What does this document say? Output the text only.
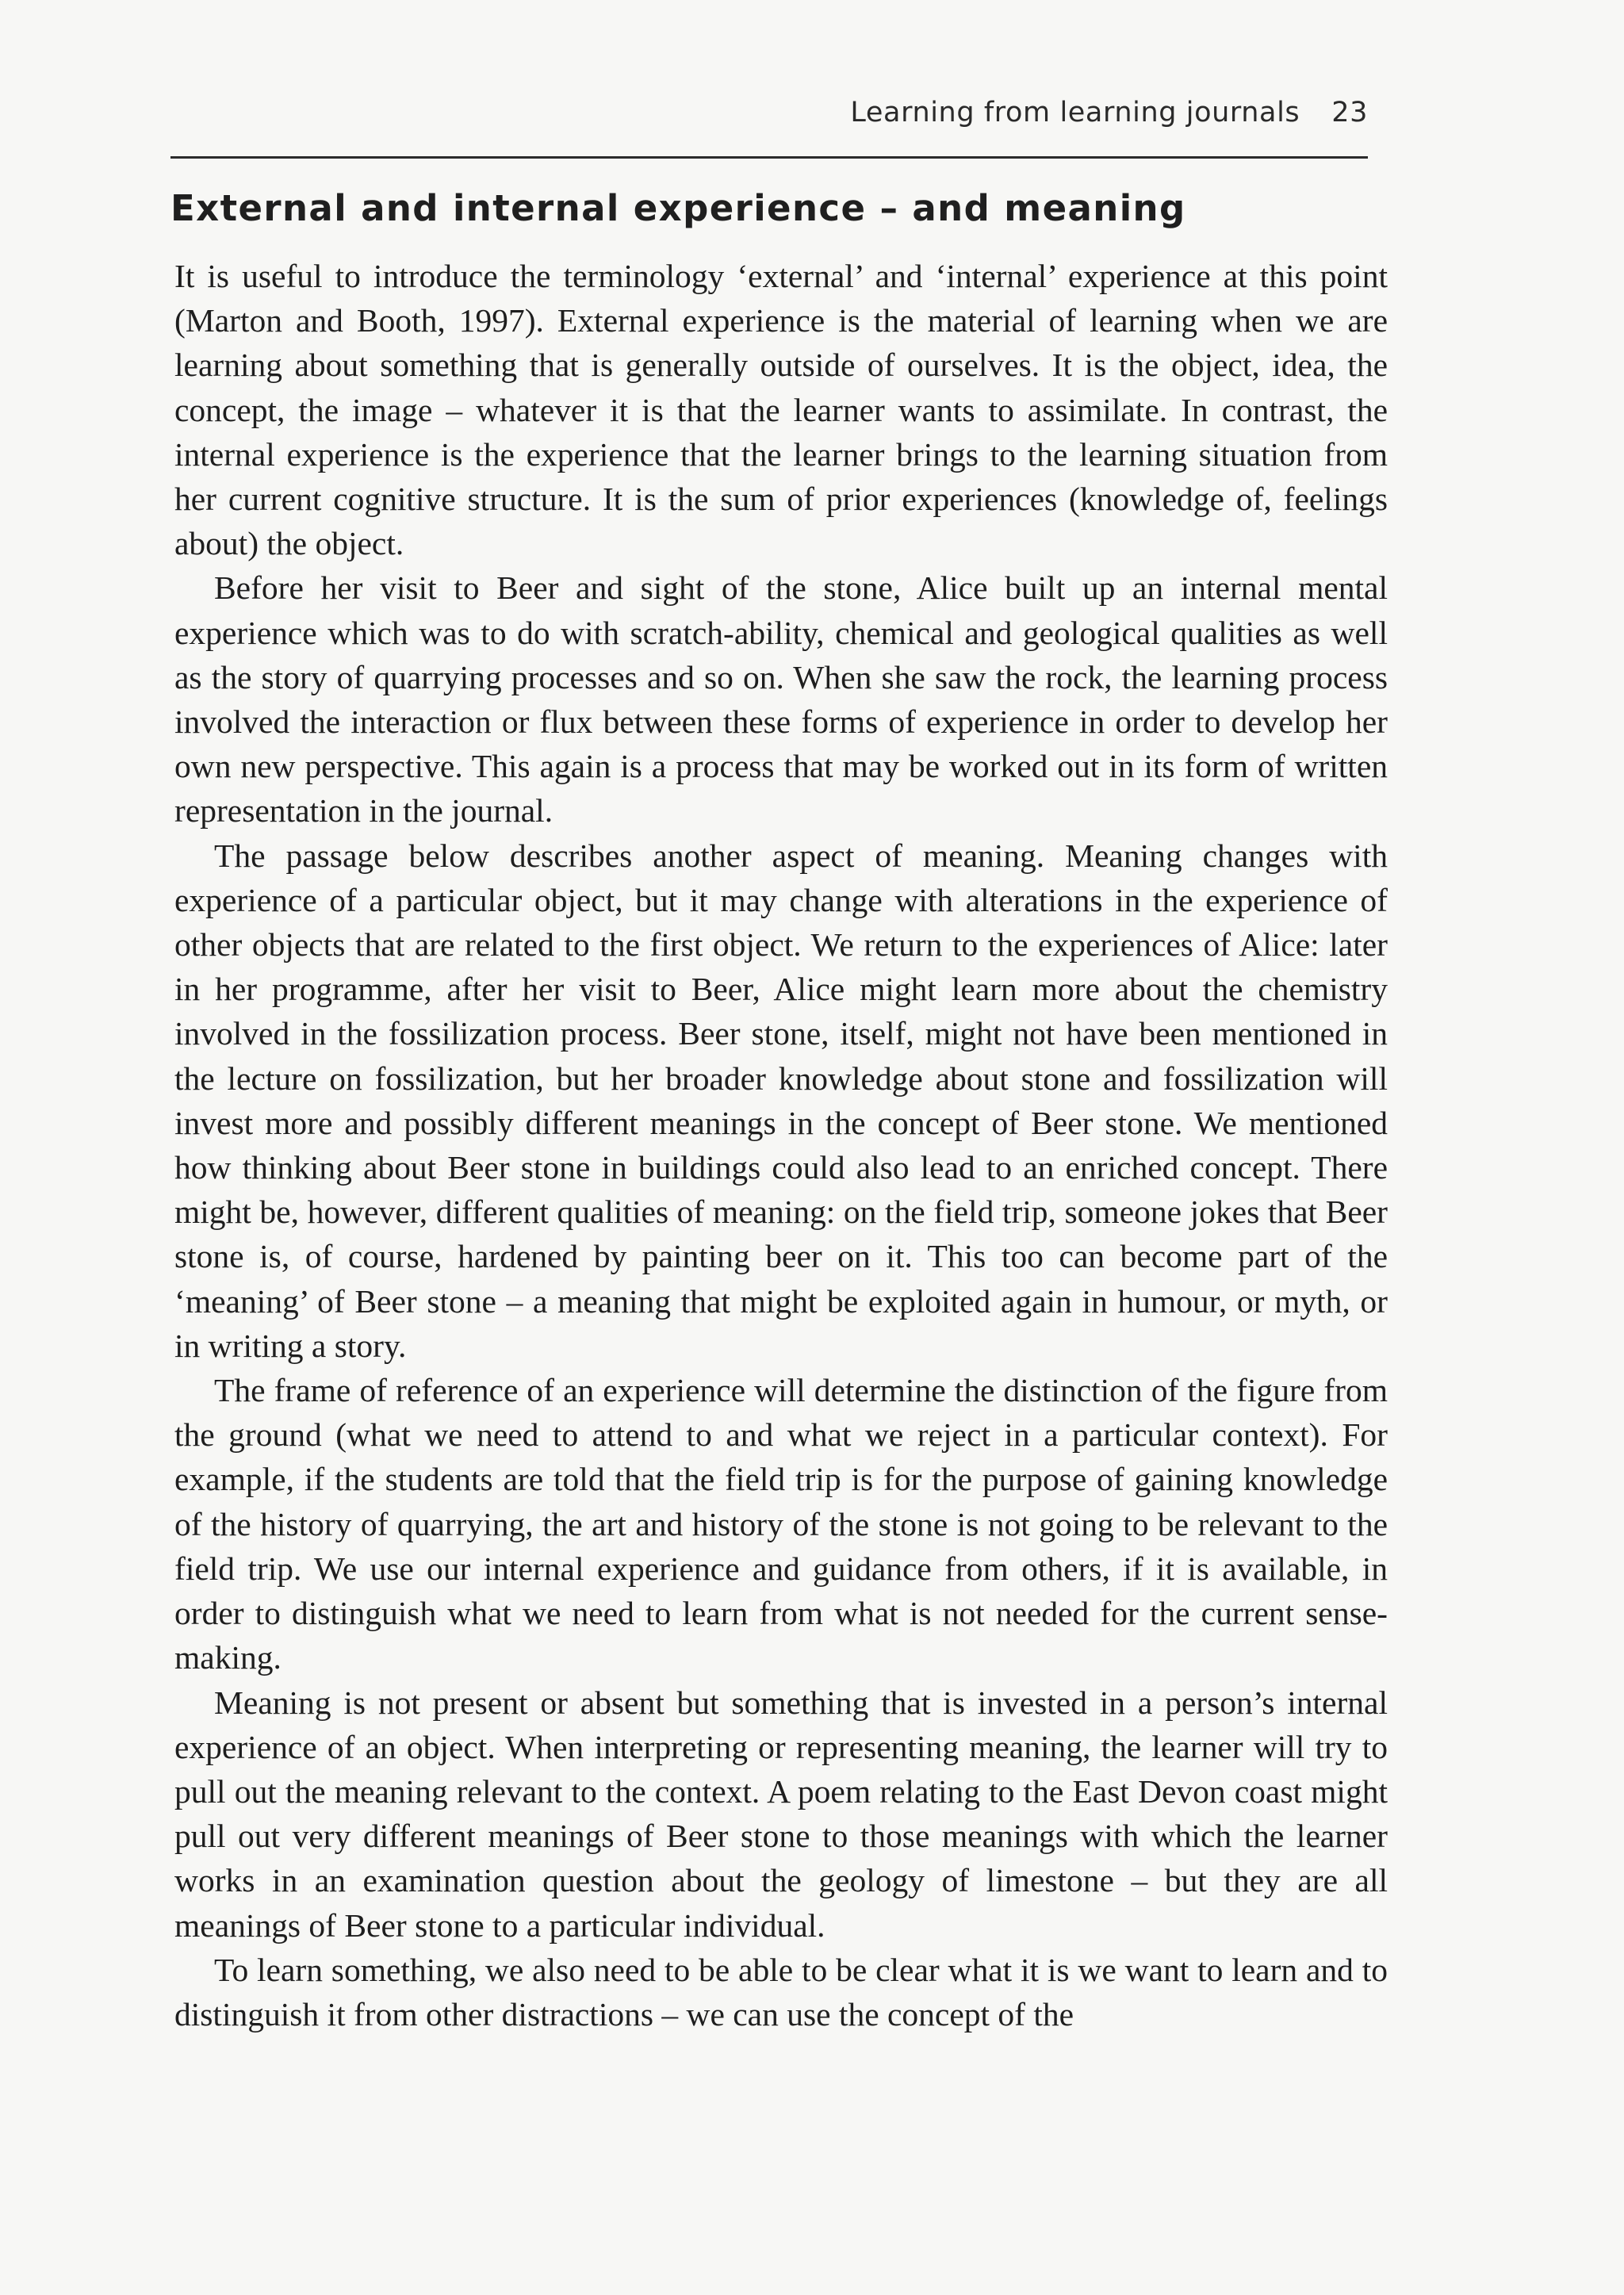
Learning from learning journals 23
External and internal experience – and meaning

It is useful to introduce the terminology ‘external’ and ‘internal’ experience at this point (Marton and Booth, 1997). External experience is the material of learning when we are learning about something that is generally outside of ourselves. It is the object, idea, the concept, the image – whatever it is that the learner wants to assimilate. In contrast, the internal experience is the experience that the learner brings to the learning situation from her current cognitive structure. It is the sum of prior experiences (knowledge of, feelings about) the object.

Before her visit to Beer and sight of the stone, Alice built up an internal mental experience which was to do with scratch-ability, chemical and geological qualities as well as the story of quarrying processes and so on. When she saw the rock, the learning process involved the interaction or flux between these forms of experience in order to develop her own new perspective. This again is a process that may be worked out in its form of written representation in the journal.

The passage below describes another aspect of meaning. Meaning changes with experience of a particular object, but it may change with alterations in the experience of other objects that are related to the first object. We return to the experiences of Alice: later in her programme, after her visit to Beer, Alice might learn more about the chemistry involved in the fossilization process. Beer stone, itself, might not have been mentioned in the lecture on fossilization, but her broader knowledge about stone and fossilization will invest more and possibly different meanings in the concept of Beer stone. We mentioned how thinking about Beer stone in buildings could also lead to an enriched concept. There might be, however, different qualities of meaning: on the field trip, someone jokes that Beer stone is, of course, hardened by painting beer on it. This too can become part of the ‘meaning’ of Beer stone – a meaning that might be exploited again in humour, or myth, or in writing a story.

The frame of reference of an experience will determine the distinction of the figure from the ground (what we need to attend to and what we reject in a particular context). For example, if the students are told that the field trip is for the purpose of gaining knowledge of the history of quarrying, the art and history of the stone is not going to be relevant to the field trip. We use our internal experience and guidance from others, if it is available, in order to distinguish what we need to learn from what is not needed for the current sense-making.

Meaning is not present or absent but something that is invested in a person’s internal experience of an object. When interpreting or representing meaning, the learner will try to pull out the meaning relevant to the context. A poem relating to the East Devon coast might pull out very different meanings of Beer stone to those meanings with which the learner works in an examination question about the geology of limestone – but they are all meanings of Beer stone to a particular individual.

To learn something, we also need to be able to be clear what it is we want to learn and to distinguish it from other distractions – we can use the concept of the
